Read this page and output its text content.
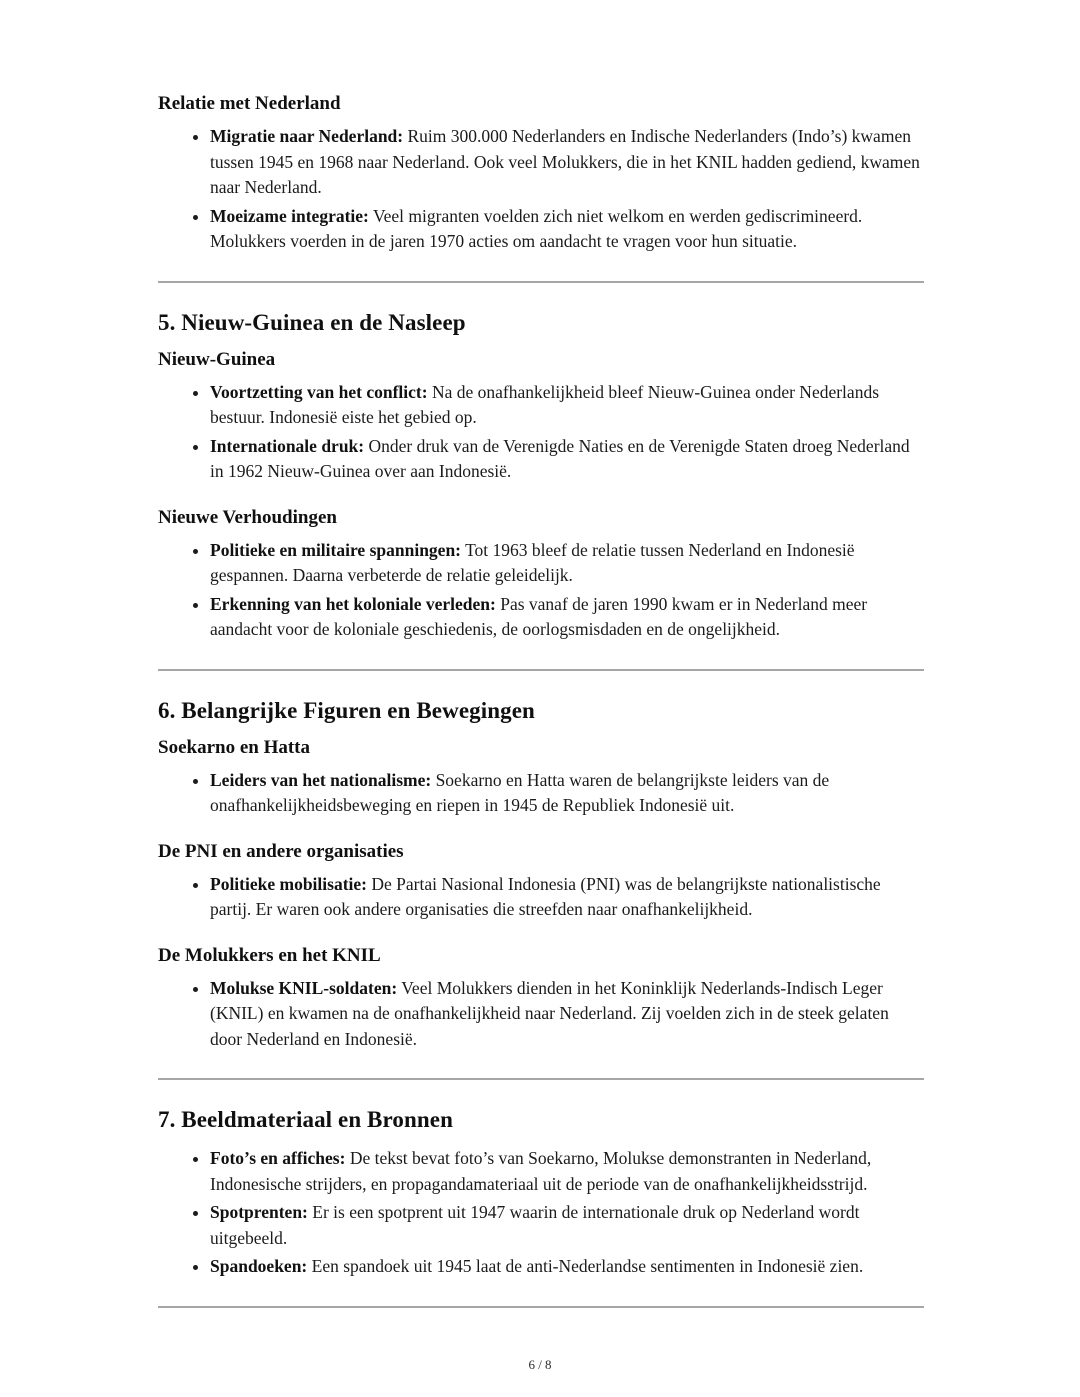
Relatie met Nederland
• Migratie naar Nederland: Ruim 300.000 Nederlanders en Indische Nederlanders (Indo’s) kwamen tussen 1945 en 1968 naar Nederland. Ook veel Molukkers, die in het KNIL hadden gediend, kwamen naar Nederland.
• Moeizame integratie: Veel migranten voelden zich niet welkom en werden gediscrimineerd. Molukkers voerden in de jaren 1970 acties om aandacht te vragen voor hun situatie.
5. Nieuw-Guinea en de Nasleep
Nieuw-Guinea
• Voortzetting van het conflict: Na de onafhankelijkheid bleef Nieuw-Guinea onder Nederlands bestuur. Indonesië eiste het gebied op.
• Internationale druk: Onder druk van de Verenigde Naties en de Verenigde Staten droeg Nederland in 1962 Nieuw-Guinea over aan Indonesië.
Nieuwe Verhoudingen
• Politieke en militaire spanningen: Tot 1963 bleef de relatie tussen Nederland en Indonesië gespannen. Daarna verbeterde de relatie geleidelijk.
• Erkenning van het koloniale verleden: Pas vanaf de jaren 1990 kwam er in Nederland meer aandacht voor de koloniale geschiedenis, de oorlogsmisdaden en de ongelijkheid.
6. Belangrijke Figuren en Bewegingen
Soekarno en Hatta
• Leiders van het nationalisme: Soekarno en Hatta waren de belangrijkste leiders van de onafhankelijkheidsbeweging en riepen in 1945 de Republiek Indonesië uit.
De PNI en andere organisaties
• Politieke mobilisatie: De Partai Nasional Indonesia (PNI) was de belangrijkste nationalistische partij. Er waren ook andere organisaties die streefden naar onafhankelijkheid.
De Molukkers en het KNIL
• Molukse KNIL-soldaten: Veel Molukkers dienden in het Koninklijk Nederlands-Indisch Leger (KNIL) en kwamen na de onafhankelijkheid naar Nederland. Zij voelden zich in de steek gelaten door Nederland en Indonesië.
7. Beeldmateriaal en Bronnen
• Foto’s en affiches: De tekst bevat foto’s van Soekarno, Molukse demonstranten in Nederland, Indonesische strijders, en propagandamateriaal uit de periode van de onafhankelijkheidsstrijd.
• Spotprenten: Er is een spotprent uit 1947 waarin de internationale druk op Nederland wordt uitgebeeld.
• Spandoeken: Een spandoek uit 1945 laat de anti-Nederlandse sentimenten in Indonesië zien.
6 / 8
